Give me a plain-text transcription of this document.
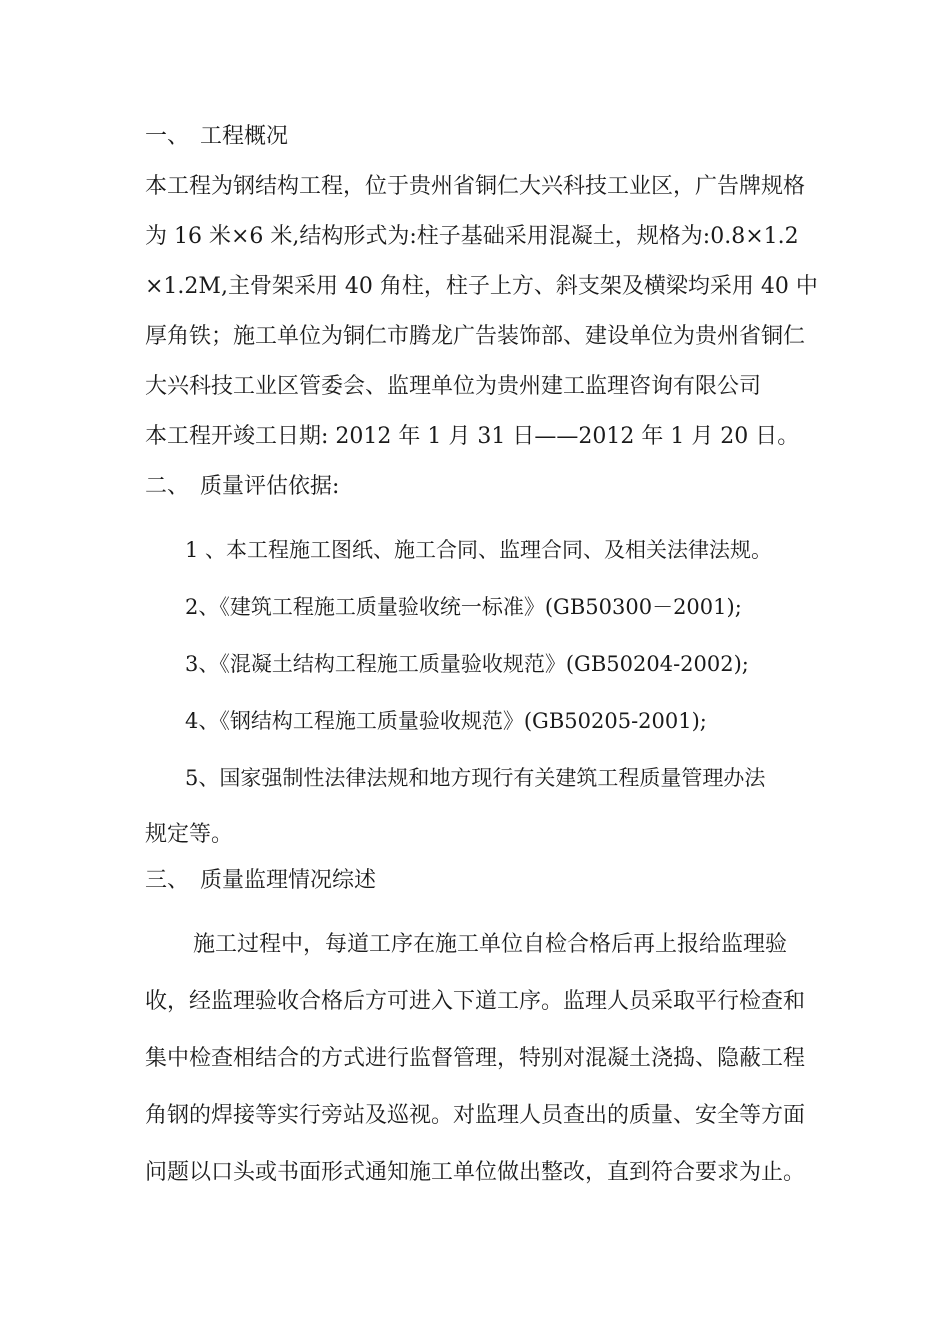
一、 工程概况
本工程为钢结构工程，位于贵州省铜仁大兴科技工业区，广告牌规格
为 16 米×6 米,结构形式为:柱子基础采用混凝土，规格为:0.8×1.2
×1.2M,主骨架采用 40 角柱，柱子上方、斜支架及横梁均采用 40 中
厚角铁；施工单位为铜仁市腾龙广告装饰部、建设单位为贵州省铜仁
大兴科技工业区管委会、监理单位为贵州建工监理咨询有限公司
本工程开竣工日期: 2012 年 1 月 31 日——2012 年 1 月 20 日。
二、 质量评估依据:
1 、本工程施工图纸、施工合同、监理合同、及相关法律法规。
2、《建筑工程施工质量验收统一标准》(GB50300－2001);
3、《混凝土结构工程施工质量验收规范》(GB50204-2002);
4、《钢结构工程施工质量验收规范》(GB50205-2001);
5、国家强制性法律法规和地方现行有关建筑工程质量管理办法
规定等。
三、 质量监理情况综述
施工过程中，每道工序在施工单位自检合格后再上报给监理验
收，经监理验收合格后方可进入下道工序。监理人员采取平行检查和
集中检查相结合的方式进行监督管理，特别对混凝土浇捣、隐蔽工程
角钢的焊接等实行旁站及巡视。对监理人员查出的质量、安全等方面
问题以口头或书面形式通知施工单位做出整改，直到符合要求为止。
